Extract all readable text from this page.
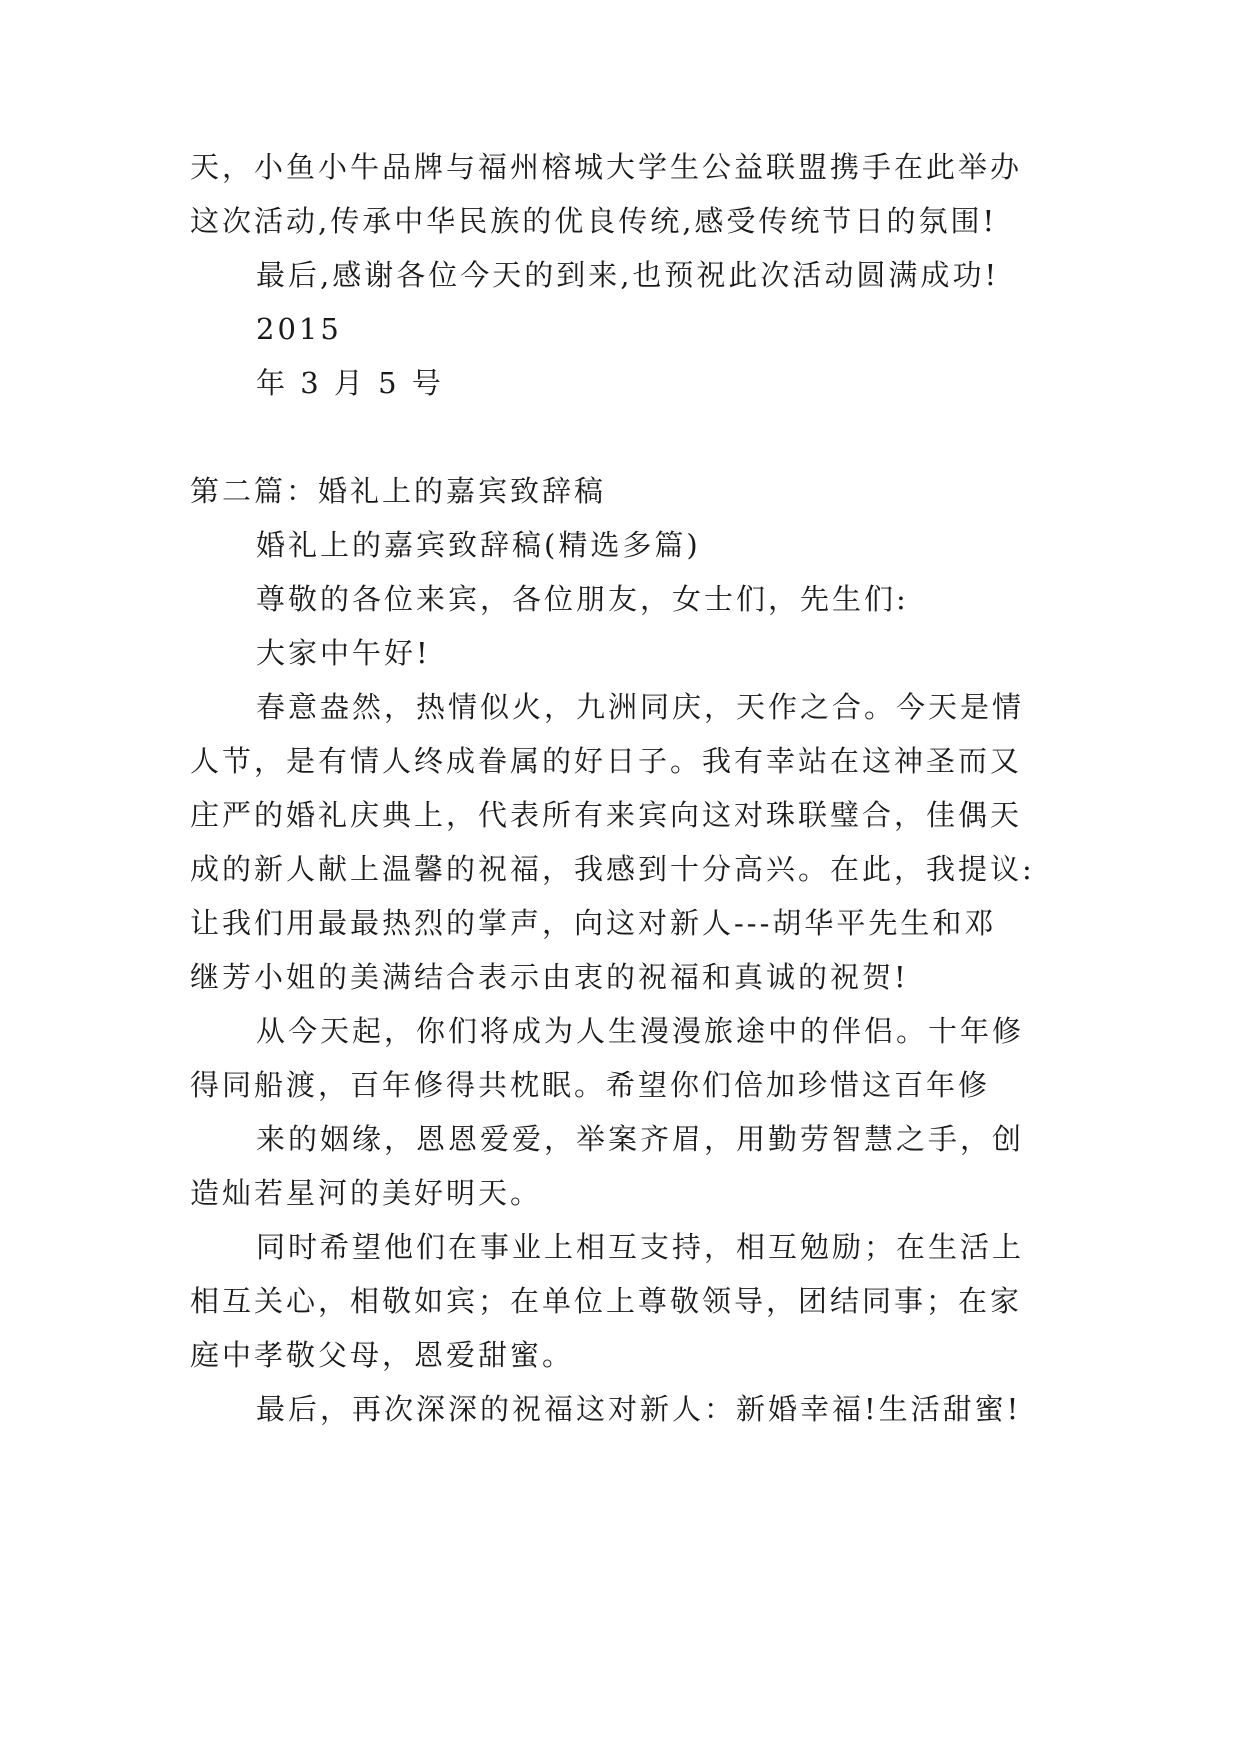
天，小鱼小牛品牌与福州榕城大学生公益联盟携手在此举办

这次活动,传承中华民族的优良传统,感受传统节日的氛围!

最后,感谢各位今天的到来,也预祝此次活动圆满成功!

2015

年 3 月 5 号

第二篇：婚礼上的嘉宾致辞稿

婚礼上的嘉宾致辞稿(精选多篇)

尊敬的各位来宾，各位朋友，女士们，先生们:

大家中午好!

春意盎然，热情似火，九洲同庆，天作之合。今天是情

人节，是有情人终成眷属的好日子。我有幸站在这神圣而又

庄严的婚礼庆典上，代表所有来宾向这对珠联璧合，佳偶天

成的新人献上温馨的祝福，我感到十分高兴。在此，我提议:

让我们用最最热烈的掌声，向这对新人---胡华平先生和邓

继芳小姐的美满结合表示由衷的祝福和真诚的祝贺!

从今天起，你们将成为人生漫漫旅途中的伴侣。十年修

得同船渡，百年修得共枕眠。希望你们倍加珍惜这百年修

来的姻缘，恩恩爱爱，举案齐眉，用勤劳智慧之手，创

造灿若星河的美好明天。

同时希望他们在事业上相互支持，相互勉励；在生活上

相互关心，相敬如宾；在单位上尊敬领导，团结同事；在家

庭中孝敬父母，恩爱甜蜜。

最后，再次深深的祝福这对新人：新婚幸福!生活甜蜜!
